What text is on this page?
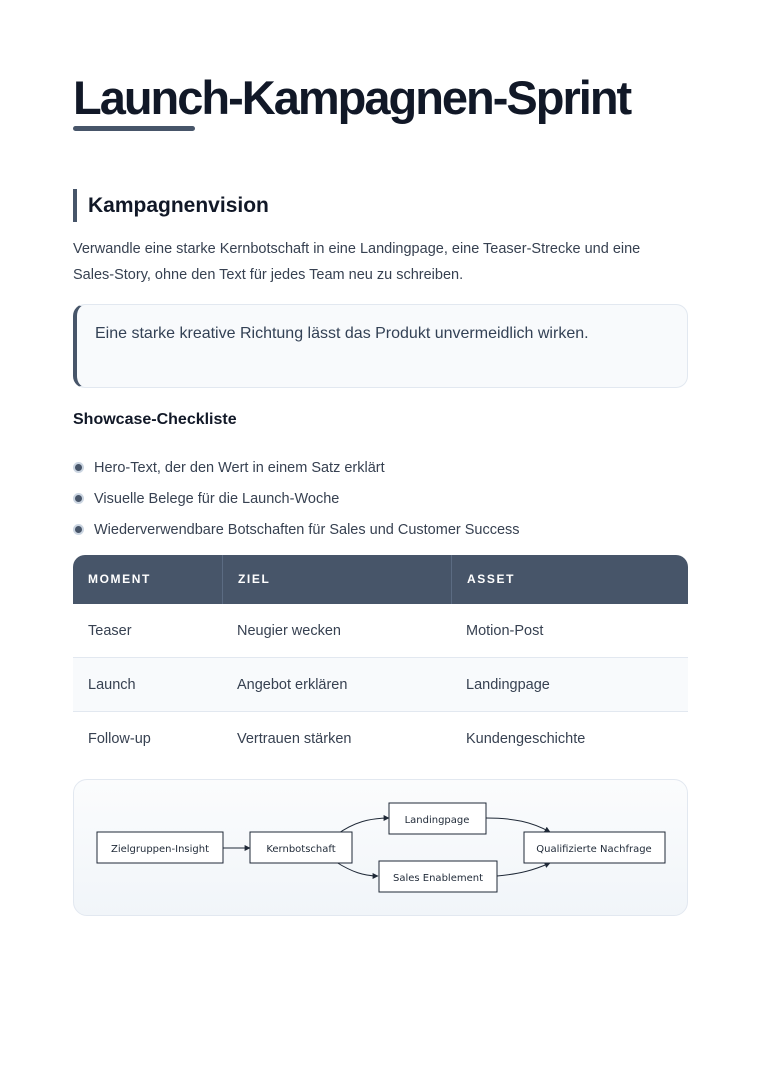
Launch-Kampagnen-Sprint
Kampagnenvision

Verwandle eine starke Kernbotschaft in eine Landingpage, eine Teaser-Strecke und eine Sales-Story, ohne den Text für jedes Team neu zu schreiben.

Eine starke kreative Richtung lässt das Produkt unvermeidlich wirken.
Showcase-Checkliste
Hero-Text, der den Wert in einem Satz erklärt
Visuelle Belege für die Launch-Woche
Wiederverwendbare Botschaften für Sales und Customer Success
MOMENT	ZIEL	ASSET
Teaser	Neugier wecken	Motion-Post
Launch	Angebot erklären	Landingpage
Follow-up	Vertrauen stärken	Kundengeschichte
Zielgruppen-Insight	Kernbotschaft
Landingpage
Sales Enablement
Qualifizierte Nachfrage
